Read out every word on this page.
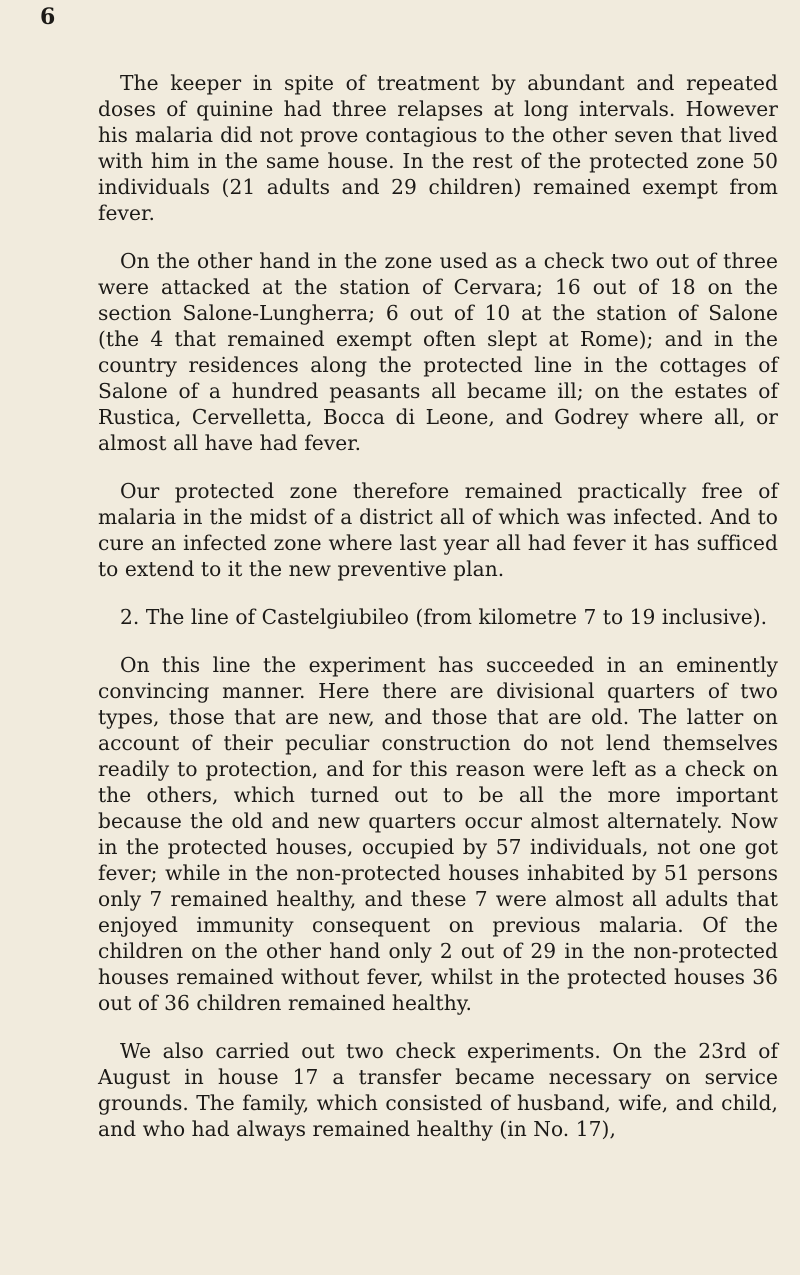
6

The keeper in spite of treatment by abundant and repeated doses of quinine had three relapses at long intervals. However his malaria did not prove contagious to the other seven that lived with him in the same house. In the rest of the protected zone 50 individuals (21 adults and 29 children) remained exempt from fever.

On the other hand in the zone used as a check two out of three were attacked at the station of Cervara; 16 out of 18 on the section Salone-Lungherra; 6 out of 10 at the station of Salone (the 4 that remained exempt often slept at Rome); and in the country residences along the protected line in the cottages of Salone of a hundred peasants all became ill; on the estates of Rustica, Cervelletta, Bocca di Leone, and Godrey where all, or almost all have had fever.

Our protected zone therefore remained practically free of malaria in the midst of a district all of which was infected. And to cure an infected zone where last year all had fever it has sufficed to extend to it the new preventive plan.

2. The line of Castelgiubileo (from kilometre 7 to 19 inclusive).

On this line the experiment has succeeded in an eminently convincing manner. Here there are divisional quarters of two types, those that are new, and those that are old. The latter on account of their peculiar construction do not lend themselves readily to protection, and for this reason were left as a check on the others, which turned out to be all the more important because the old and new quarters occur almost alternately. Now in the protected houses, occupied by 57 individuals, not one got fever; while in the non-protected houses inhabited by 51 persons only 7 remained healthy, and these 7 were almost all adults that enjoyed immunity consequent on previous malaria. Of the children on the other hand only 2 out of 29 in the non-protected houses remained without fever, whilst in the protected houses 36 out of 36 children remained healthy.

We also carried out two check experiments. On the 23rd of August in house 17 a transfer became necessary on service grounds. The family, which consisted of husband, wife, and child, and who had always remained healthy (in No. 17),
